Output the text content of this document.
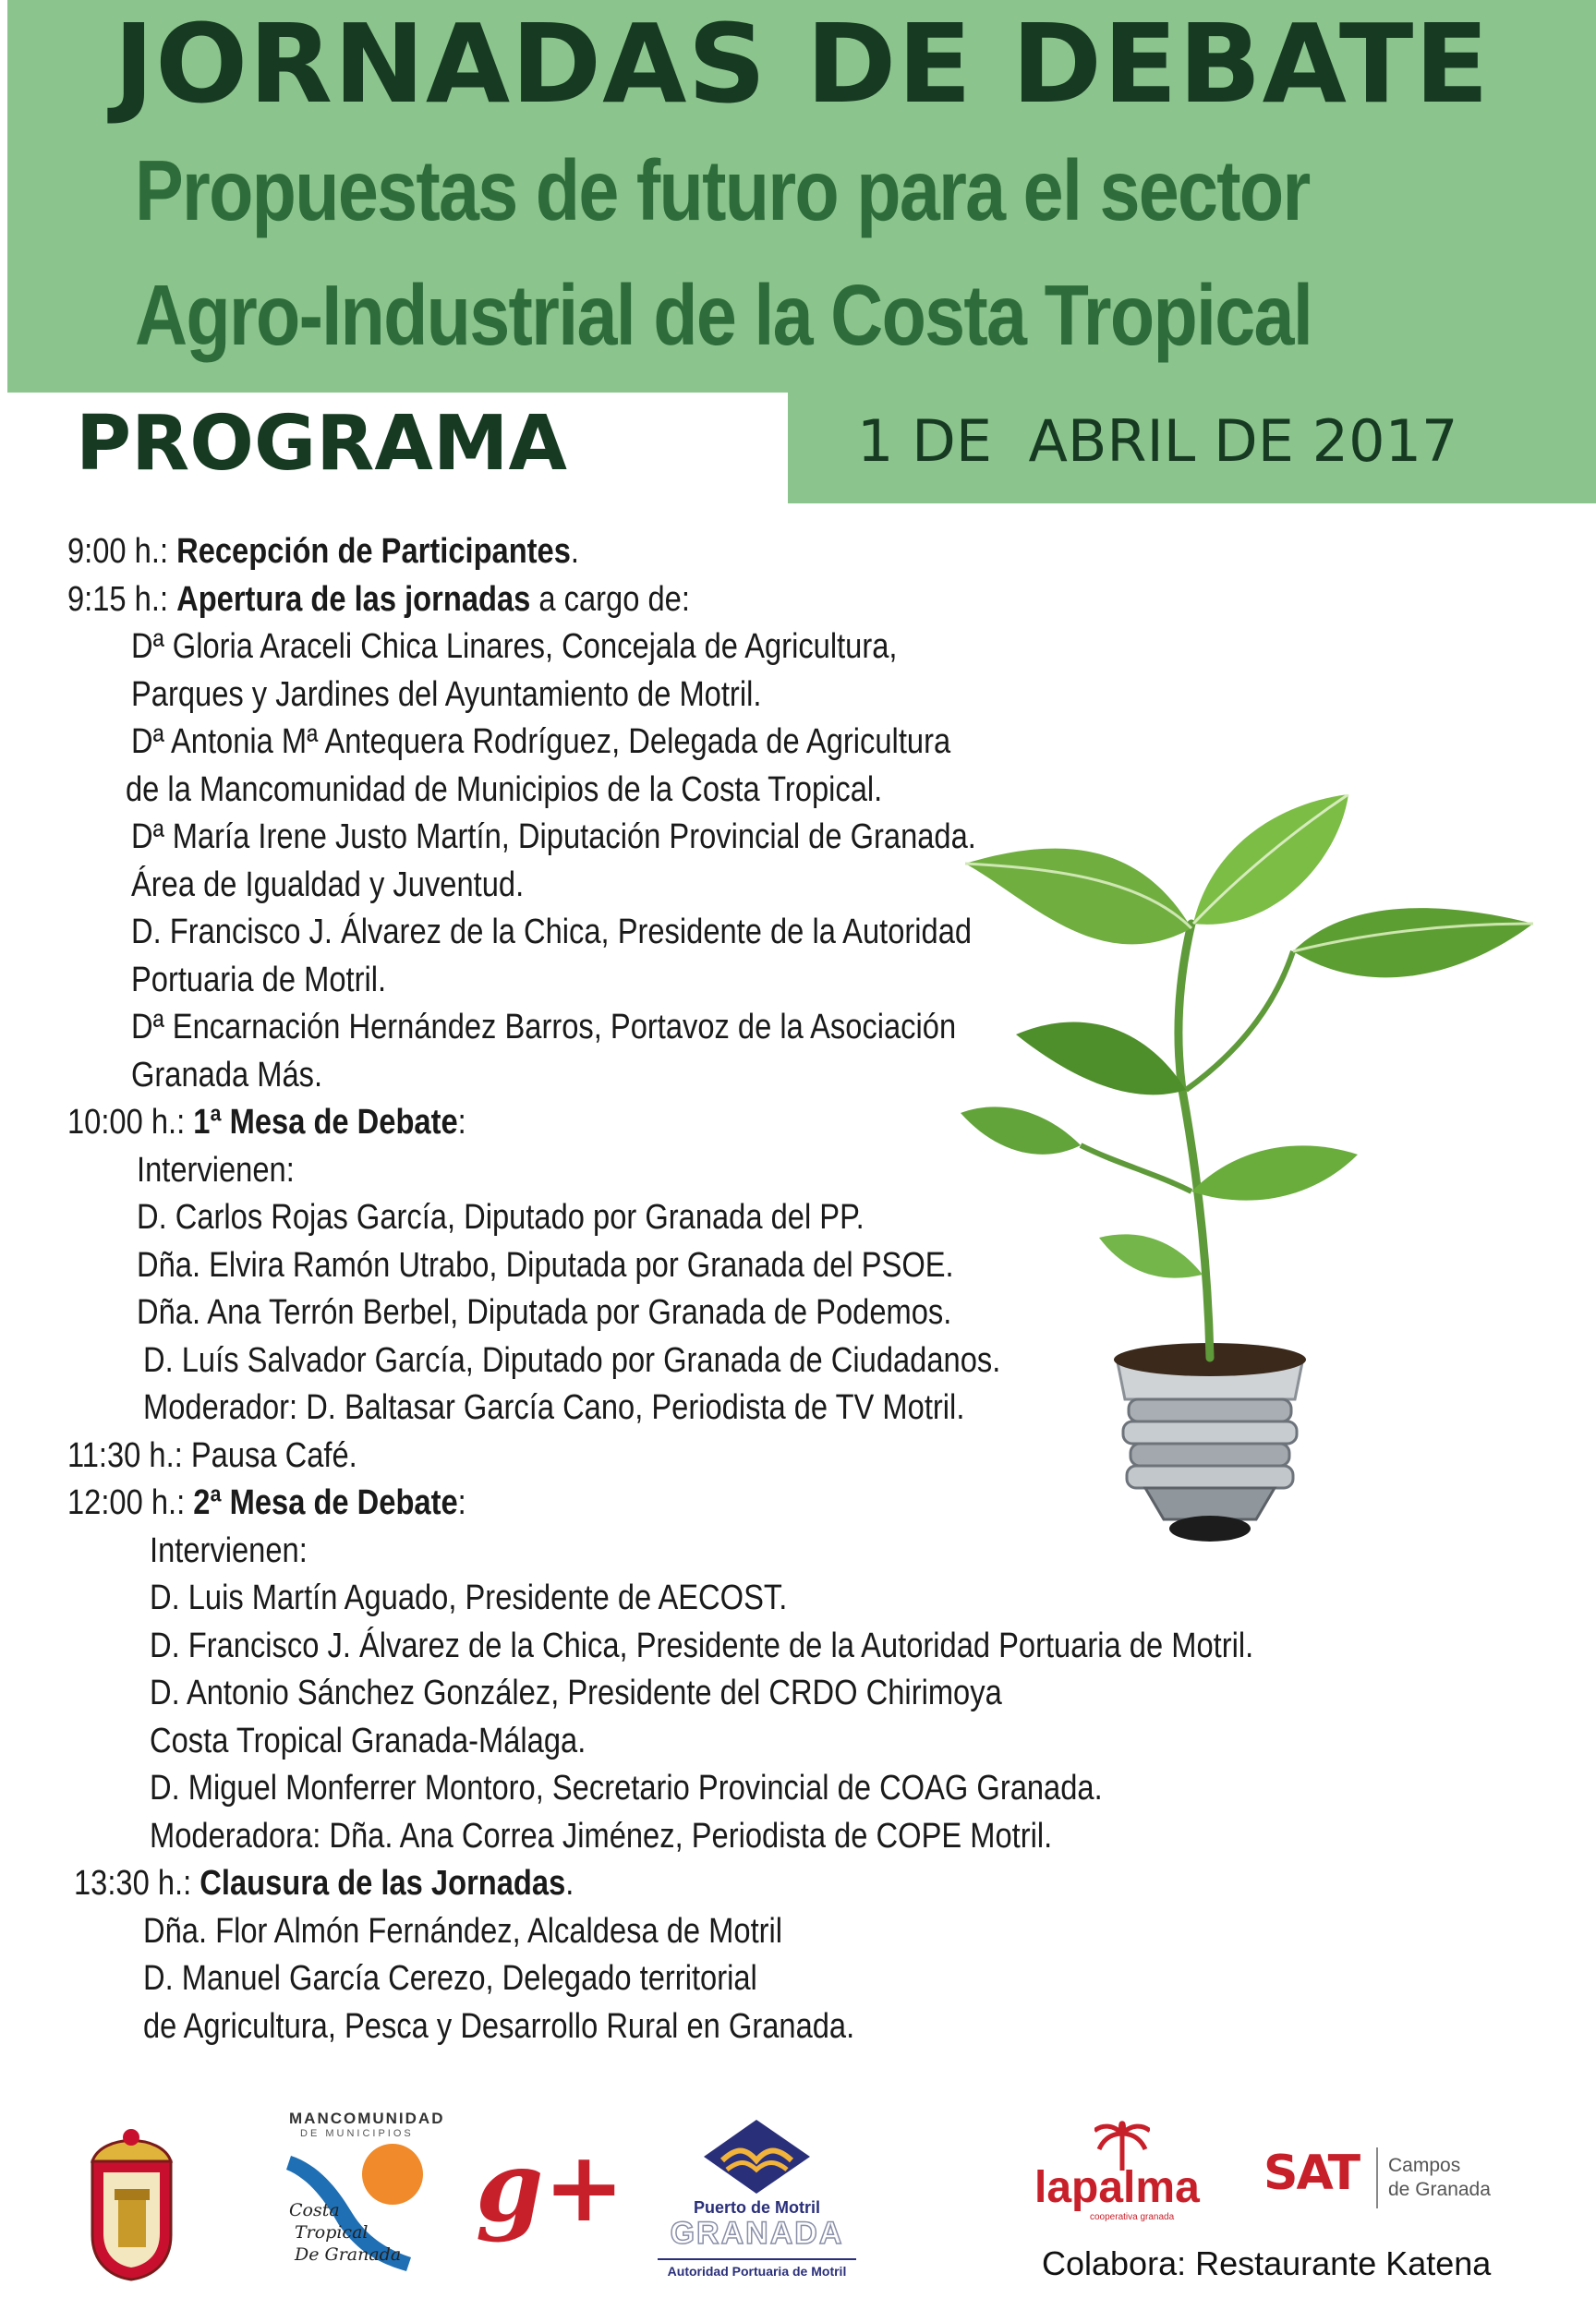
JORNADAS DE DEBATE
Propuestas de futuro para el sector
Agro-Industrial de la Costa Tropical
PROGRAMA	1 DE  ABRIL DE 2017
9:00 h.: Recepción de Participantes.
9:15 h.: Apertura de las jornadas a cargo de:
Dª Gloria Araceli Chica Linares, Concejala de Agricultura,
Parques y Jardines del Ayuntamiento de Motril.
Dª Antonia Mª Antequera Rodríguez, Delegada de Agricultura
de la Mancomunidad de Municipios de la Costa Tropical.
Dª María Irene Justo Martín, Diputación Provincial de Granada.
Área de Igualdad y Juventud.
D. Francisco J. Álvarez de la Chica, Presidente de la Autoridad
Portuaria de Motril.
Dª Encarnación Hernández Barros, Portavoz de la Asociación
Granada Más.
10:00 h.: 1ª Mesa de Debate:
Intervienen:
D. Carlos Rojas García, Diputado por Granada del PP.
Dña. Elvira Ramón Utrabo, Diputada por Granada del PSOE.
Dña. Ana Terrón Berbel, Diputada por Granada de Podemos.
D. Luís Salvador García, Diputado por Granada de Ciudadanos.
Moderador: D. Baltasar García Cano, Periodista de TV Motril.
11:30 h.: Pausa Café.
12:00 h.: 2ª Mesa de Debate:
Intervienen:
D. Luis Martín Aguado, Presidente de AECOST.
D. Francisco J. Álvarez de la Chica, Presidente de la Autoridad Portuaria de Motril.
D. Antonio Sánchez González, Presidente del CRDO Chirimoya
Costa Tropical Granada-Málaga.
D. Miguel Monferrer Montoro, Secretario Provincial de COAG Granada.
Moderadora: Dña. Ana Correa Jiménez, Periodista de COPE Motril.
13:30 h.: Clausura de las Jornadas.
Dña. Flor Almón Fernández, Alcaldesa de Motril
D. Manuel García Cerezo, Delegado territorial
de Agricultura, Pesca y Desarrollo Rural en Granada.
MANCOMUNIDAD
DE MUNICIPIOS
Costa
Tropical
De Granada
g+	Puerto de Motril
GRANADA
Autoridad Portuaria de Motril
lapalma
cooperativa granada
SAT Campos
de Granada
Colabora: Restaurante Katena
